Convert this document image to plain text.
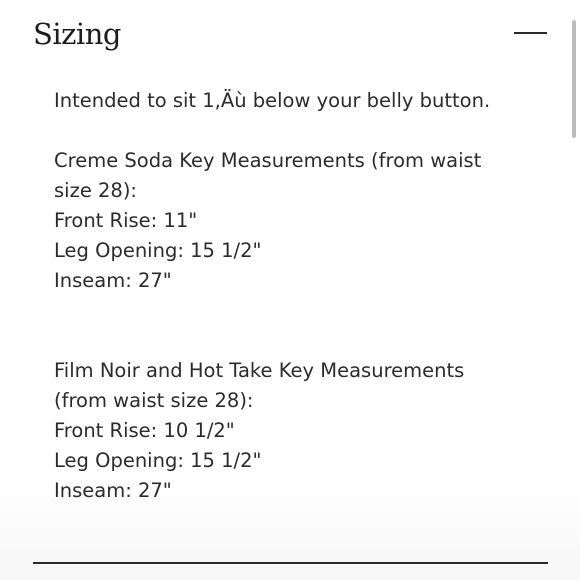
Sizing

Intended to sit 1,Äù below your belly button.

Creme Soda Key Measurements (from waist

size 28):

Front Rise: 11"

Leg Opening: 15 1/2"

Inseam: 27"

Film Noir and Hot Take Key Measurements

(from waist size 28):

Front Rise: 10 1/2"

Leg Opening: 15 1/2"

Inseam: 27"
